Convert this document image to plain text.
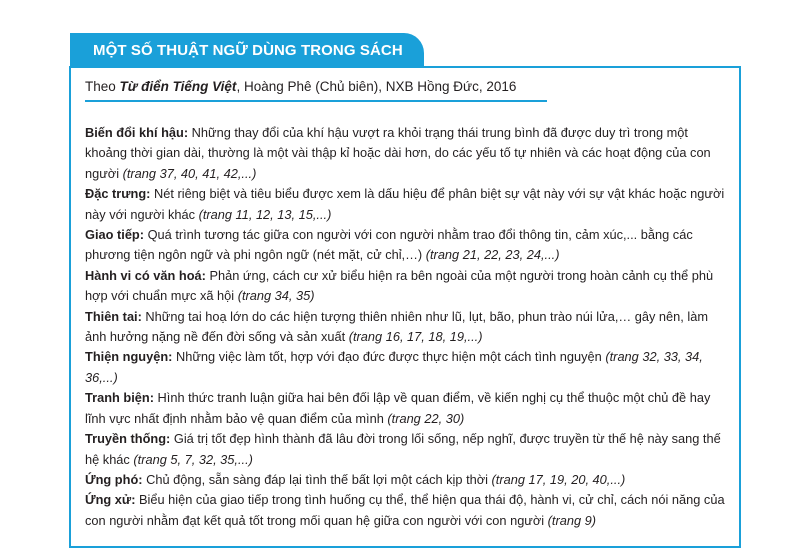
MỘT SỐ THUẬT NGỮ DÙNG TRONG SÁCH
Theo Từ điển Tiếng Việt, Hoàng Phê (Chủ biên), NXB Hồng Đức, 2016

Biến đổi khí hậu: Những thay đổi của khí hậu vượt ra khỏi trạng thái trung bình đã được duy trì trong một khoảng thời gian dài, thường là một vài thập kỉ hoặc dài hơn, do các yếu tố tự nhiên và các hoạt động của con người (trang 37, 40, 41, 42,...)

Đặc trưng: Nét riêng biệt và tiêu biểu được xem là dấu hiệu để phân biệt sự vật này với sự vật khác hoặc người này với người khác (trang 11, 12, 13, 15,...)

Giao tiếp: Quá trình tương tác giữa con người với con người nhằm trao đổi thông tin, cảm xúc,... bằng các phương tiện ngôn ngữ và phi ngôn ngữ (nét mặt, cử chỉ,…) (trang 21, 22, 23, 24,...)

Hành vi có văn hoá: Phản ứng, cách cư xử biểu hiện ra bên ngoài của một người trong hoàn cảnh cụ thể phù hợp với chuẩn mực xã hội (trang 34, 35)

Thiên tai: Những tai hoạ lớn do các hiện tượng thiên nhiên như lũ, lụt, bão, phun trào núi lửa,… gây nên, làm ảnh hưởng nặng nề đến đời sống và sản xuất (trang 16, 17, 18, 19,...)

Thiện nguyện: Những việc làm tốt, hợp với đạo đức được thực hiện một cách tình nguyện (trang 32, 33, 34, 36,...)

Tranh biện: Hình thức tranh luận giữa hai bên đối lập về quan điểm, về kiến nghị cụ thể thuộc một chủ đề hay lĩnh vực nhất định nhằm bảo vệ quan điểm của mình (trang 22, 30)

Truyền thống: Giá trị tốt đẹp hình thành đã lâu đời trong lối sống, nếp nghĩ, được truyền từ thế hệ này sang thế hệ khác (trang 5, 7, 32, 35,...)

Ứng phó: Chủ động, sẵn sàng đáp lại tình thế bất lợi một cách kịp thời (trang 17, 19, 20, 40,...)

Ứng xử: Biểu hiện của giao tiếp trong tình huống cụ thể, thể hiện qua thái độ, hành vi, cử chỉ, cách nói năng của con người nhằm đạt kết quả tốt trong mối quan hệ giữa con người với con người (trang 9)
